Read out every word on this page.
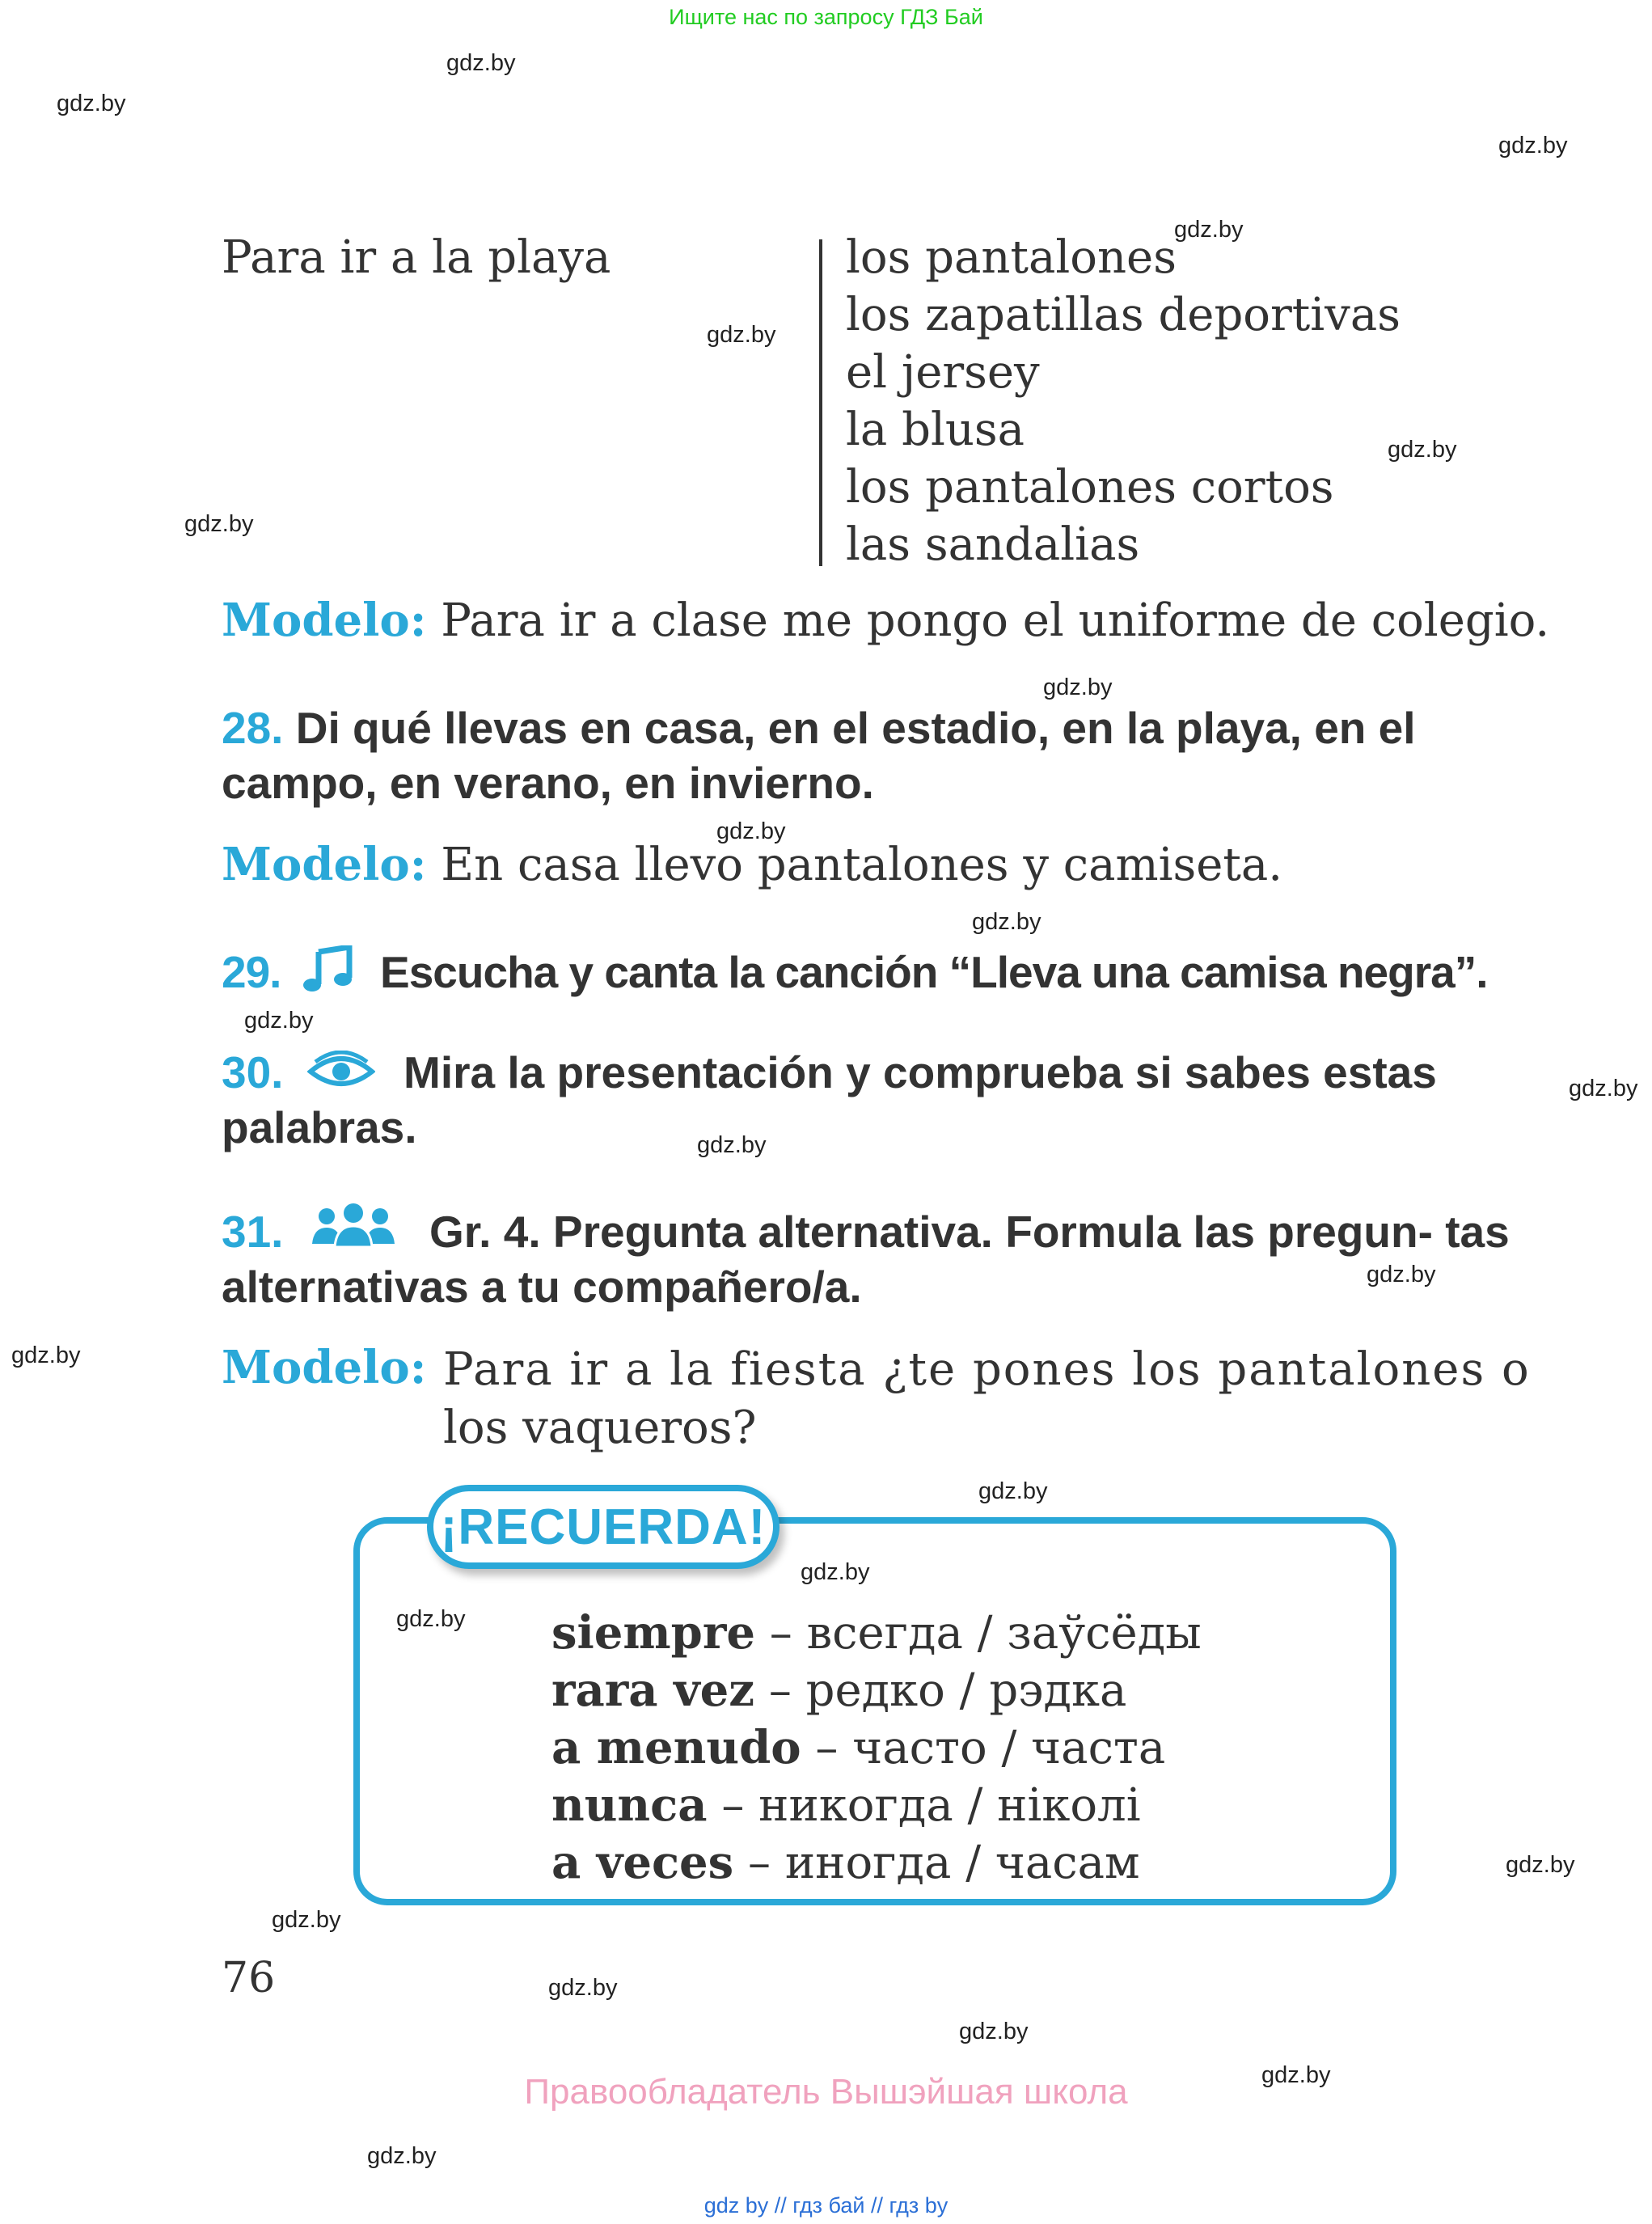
Ищите нас по запросу ГДЗ Бай
gdz.by
gdz.by
gdz.by
gdz.by
gdz.by
gdz.by
gdz.by
gdz.by
gdz.by
gdz.by
gdz.by
gdz.by
gdz.by
gdz.by
gdz.by
gdz.by
gdz.by
gdz.by
gdz.by
gdz.by
gdz.by
gdz.by
gdz.by
gdz.by
Para ir a la playa	los pantalones
los zapatillas deportivas
el jersey
la blusa
los pantalones cortos
las sandalias
Modelo: Para ir a clase me pongo el uniforme de colegio.
28. Di qué llevas en casa, en el estadio, en la playa, en el campo, en verano, en invierno.
Modelo: En casa llevo pantalones y camiseta.
29. Escucha y canta la canción “Lleva una camisa negra”.
30.	Mira la presentación y comprueba si sabes estas palabras.
31.	Gr. 4. Pregunta alternativa. Formula las pregun- tas alternativas a tu compañero/a.
Modelo: Para ir a la fiesta ¿te pones los pantalones o
los vaqueros?
¡RECUERDA!
siempre – всегда / заўсёды
rara vez – редко / рэдка
a menudo – часто / часта
nunca – никогда / ніколі
a veces – иногда / часам
76
Правообладатель Вышэйшая школа
gdz by // гдз бай // гдз by
